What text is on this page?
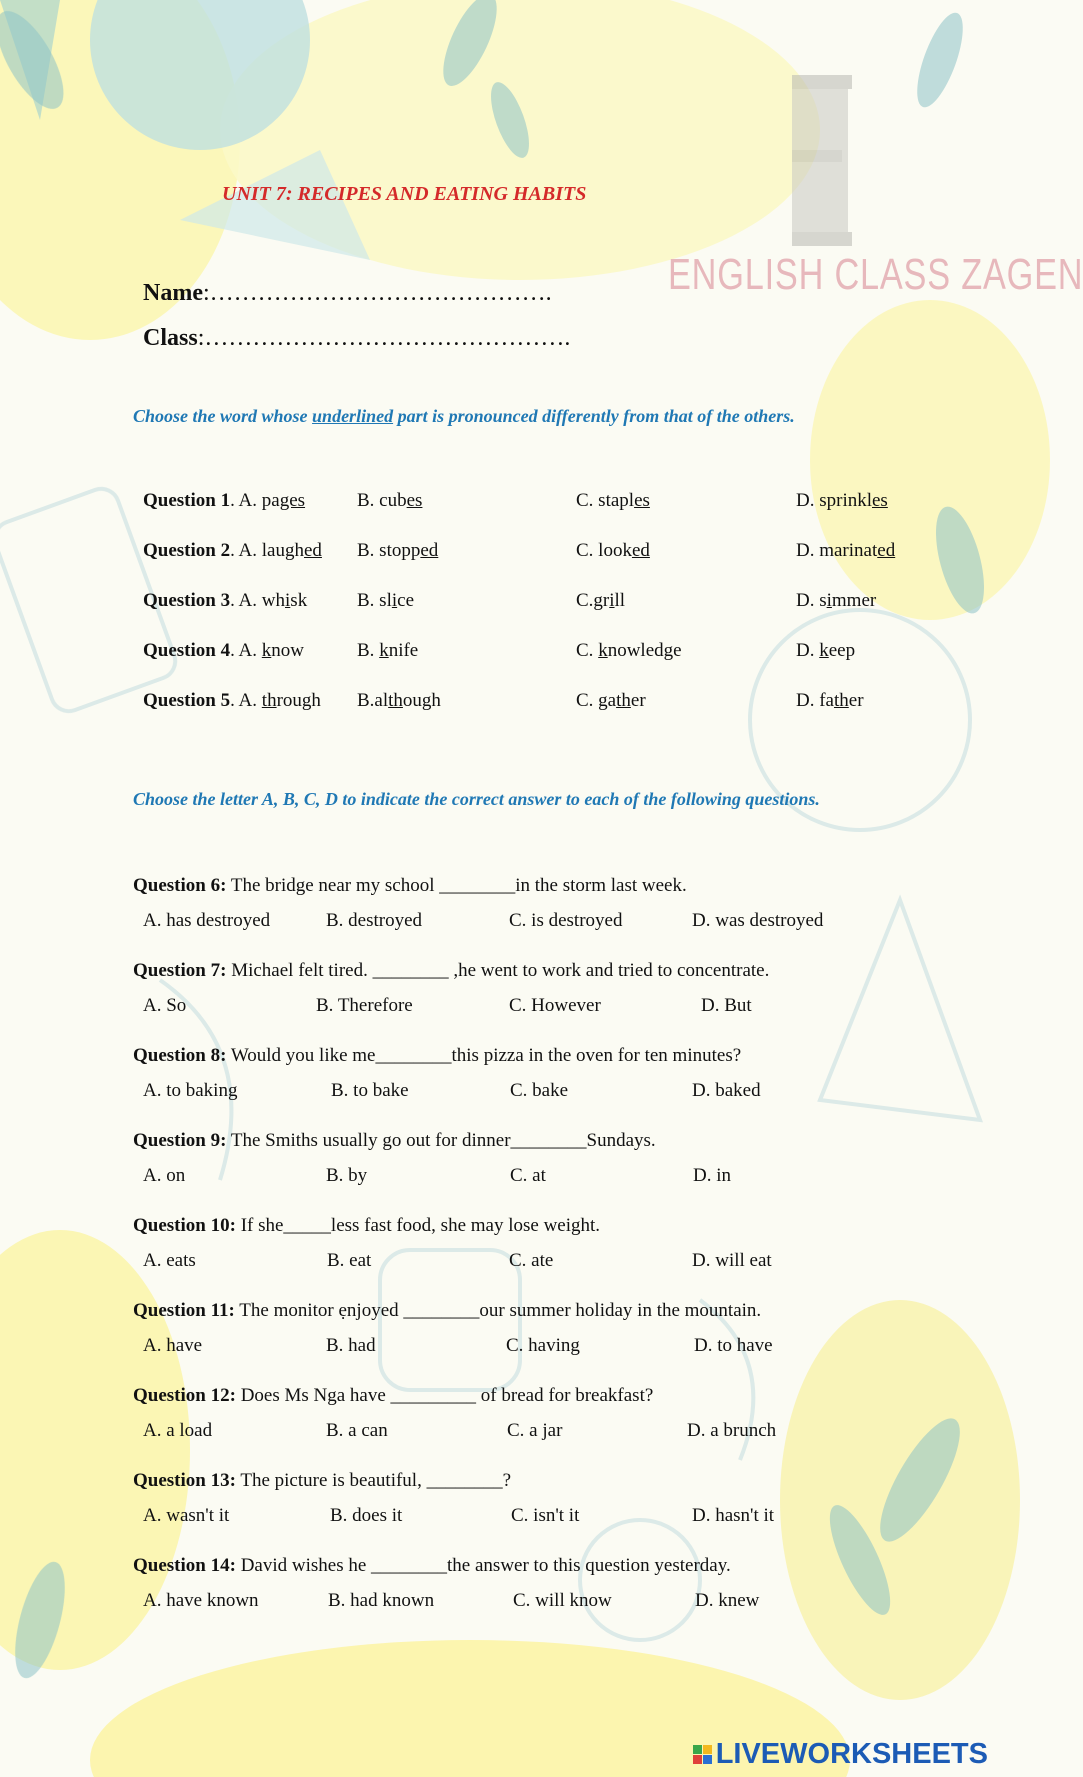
ENGLISH CLASS ZAGEN
UNIT 7: RECIPES AND EATING HABITS
Name:…………………………………….
Class:……………………………………….
Choose the word whose underlined part is pronounced differently from that of the others.
Question 1. A. pages	B. cubes	C. staples	D. sprinkles
Question 2. A. laughed B. stopped	C. looked	D. marinated
Question 3. A. whisk	B. slice	C.grill	D. simmer
Question 4. A. know	B. knife	C. knowledge	D. keep
Question 5. A. through B.although	C. gather	D. father
Choose the letter A, B, C, D to indicate the correct answer to each of the following questions.
Question 6: The bridge near my school ________in the storm last week.
A. has destroyed	B. destroyed	C. is destroyed	D. was destroyed
Question 7: Michael felt tired. ________ ,he went to work and tried to concentrate.
A. So	B. Therefore	C. However	D. But
Question 8: Would you like me________this pizza in the oven for ten minutes?
A. to baking	B. to bake	C. bake	D. baked
Question 9: The Smiths usually go out for dinner________Sundays.
A. on	B. by	C. at	D. in
Question 10: If she_____less fast food, she may lose weight.
A. eats	B. eat	C. ate	D. will eat
Question 11: The monitor ẹnjoyed ________our summer holiday in the mountain.
A. have	B. had	C. having	D. to have
Question 12: Does Ms Nga have _________ of bread for breakfast?
A. a load	B. a can	C. a jar	D. a brunch
Question 13: The picture is beautiful, ________?
A. wasn't it	B. does it	C. isn't it	D. hasn't it
Question 14: David wishes he ________the answer to this question yesterday.
A. have known	B. had known	C. will know	D. knew
LIVEWORKSHEETS
